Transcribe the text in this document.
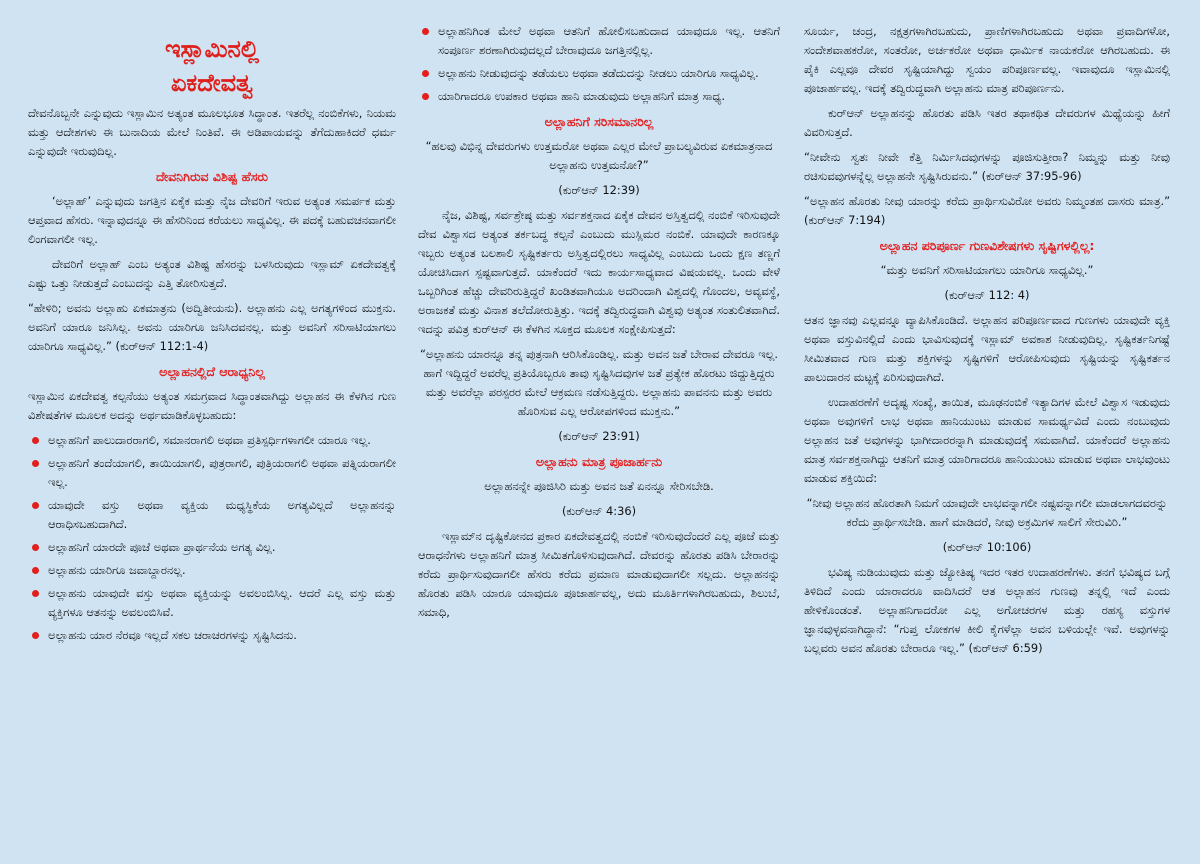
ಇಸ್ಲಾಮಿನಲ್ಲಿ
ಏಕದೇವತ್ವ

ದೇವನೊಬ್ಬನೇ ಎನ್ನುವುದು ಇಸ್ಲಾಮಿನ ಅತ್ಯಂತ ಮೂಲಭೂತ ಸಿದ್ಧಾಂತ. ಇತರೆಲ್ಲ ನಂಬಿಕೆಗಳು, ನಿಯಮ ಮತ್ತು ಆದೇಶಗಳು ಈ ಬುನಾದಿಯ ಮೇಲೆ ನಿಂತಿವೆ. ಈ ಅಡಿಪಾಯವನ್ನು ತೆಗೆದುಹಾಕಿದರೆ ಧರ್ಮ ಎನ್ನುವುದೇ ಇರುವುದಿಲ್ಲ.

ದೇವನಿಗಿರುವ ವಿಶಿಷ್ಟ ಹೆಸರು

‘ಅಲ್ಲಾಹ್’ ಎನ್ನುವುದು ಜಗತ್ತಿನ ಏಕೈಕ ಮತ್ತು ನೈಜ ದೇವರಿಗೆ ಇರುವ ಅತ್ಯಂತ ಸಮರ್ಪಕ ಮತ್ತು ಆಪ್ತವಾದ ಹೆಸರು. ಇನ್ನಾವುದನ್ನೂ ಈ ಹೆಸರಿನಿಂದ ಕರೆಯಲು ಸಾಧ್ಯವಿಲ್ಲ. ಈ ಪದಕ್ಕೆ ಬಹುವಚನವಾಗಲೀ ಲಿಂಗವಾಗಲೀ ಇಲ್ಲ.

ದೇವರಿಗೆ ಅಲ್ಲಾಹ್ ಎಂಬ ಅತ್ಯಂತ ವಿಶಿಷ್ಟ ಹೆಸರನ್ನು ಬಳಸಿರುವುದು ಇಸ್ಲಾಮ್ ಏಕದೇವತ್ವಕ್ಕೆ ಎಷ್ಟು ಒತ್ತು ನೀಡುತ್ತದೆ ಎಂಬುದನ್ನು ಎತ್ತಿ ತೋರಿಸುತ್ತದೆ.

“ಹೇಳಿರಿ; ಅವನು ಅಲ್ಲಾಹು ಏಕಮಾತ್ರನು (ಅದ್ವಿತೀಯನು). ಅಲ್ಲಾಹನು ಎಲ್ಲ ಅಗತ್ಯಗಳಿಂದ ಮುಕ್ತನು. ಅವನಿಗೆ ಯಾರೂ ಜನಿಸಿಲ್ಲ. ಅವನು ಯಾರಿಗೂ ಜನಿಸಿದವನಲ್ಲ. ಮತ್ತು ಅವನಿಗೆ ಸರಿಸಾಟಿಯಾಗಲು ಯಾರಿಗೂ ಸಾಧ್ಯವಿಲ್ಲ.” (ಕುರ್‌ಆನ್ 112:1-4)

ಅಲ್ಲಾಹನಲ್ಲಿದೆ ಆರಾಧ್ಯನಿಲ್ಲ

ಇಸ್ಲಾಮಿನ ಏಕದೇವತ್ವ ಕಲ್ಪನೆಯು ಅತ್ಯಂತ ಸಮಗ್ರವಾದ ಸಿದ್ಧಾಂತವಾಗಿದ್ದು ಅಲ್ಲಾಹನ ಈ ಕೆಳಗಿನ ಗುಣ ವಿಶೇಷತೆಗಳ ಮೂಲಕ ಅದನ್ನು ಅರ್ಥಮಾಡಿಕೊಳ್ಳಬಹುದು:

ಅಲ್ಲಾಹನಿಗೆ ಪಾಲುದಾರರಾಗಲಿ, ಸಮಾನರಾಗಲಿ ಅಥವಾ ಪ್ರತಿಸ್ಪರ್ಧಿಗಳಾಗಲೀ ಯಾರೂ ಇಲ್ಲ.
ಅಲ್ಲಾಹನಿಗೆ ತಂದೆಯಾಗಲಿ, ತಾಯಿಯಾಗಲಿ, ಪುತ್ರರಾಗಲಿ, ಪುತ್ರಿಯರಾಗಲಿ ಅಥವಾ ಪತ್ನಿಯರಾಗಲೀ ಇಲ್ಲ.
ಯಾವುದೇ ವಸ್ತು ಅಥವಾ ವ್ಯಕ್ತಿಯ ಮಧ್ಯಸ್ಥಿಕೆಯ ಅಗತ್ಯವಿಲ್ಲದೆ ಅಲ್ಲಾಹನನ್ನು ಆರಾಧಿಸಬಹುದಾಗಿದೆ.
ಅಲ್ಲಾಹನಿಗೆ ಯಾರದೇ ಪೂಜೆ ಅಥವಾ ಪ್ರಾರ್ಥನೆಯ ಅಗತ್ಯ ವಿಲ್ಲ.
ಅಲ್ಲಾಹನು ಯಾರಿಗೂ ಜವಾಬ್ದಾರನಲ್ಲ.
ಅಲ್ಲಾಹನು ಯಾವುದೇ ವಸ್ತು ಅಥವಾ ವ್ಯಕ್ತಿಯನ್ನು ಅವಲಂಬಿಸಿಲ್ಲ. ಆದರೆ ಎಲ್ಲ ವಸ್ತು ಮತ್ತು ವ್ಯಕ್ತಿಗಳೂ ಆತನನ್ನು ಅವಲಂಬಿಸಿವೆ.
ಅಲ್ಲಾಹನು ಯಾರ ನೆರವೂ ಇಲ್ಲದೆ ಸಕಲ ಚರಾಚರಗಳನ್ನು ಸೃಷ್ಟಿಸಿದನು.
ಅಲ್ಲಾಹನಿಗಿಂತ ಮೇಲೆ ಅಥವಾ ಆತನಿಗೆ ಹೋಲಿಸಬಹುದಾದ ಯಾವುದೂ ಇಲ್ಲ. ಆತನಿಗೆ ಸಂಪೂರ್ಣ ಶರಣಾಗಿರುವುದಲ್ಲದೆ ಬೇರಾವುದೂ ಜಗತ್ತಿನಲ್ಲಿಲ್ಲ.
ಅಲ್ಲಾಹನು ನೀಡುವುದನ್ನು ತಡೆಯಲು ಅಥವಾ ತಡೆದುದನ್ನು ನೀಡಲು ಯಾರಿಗೂ ಸಾಧ್ಯವಿಲ್ಲ.
ಯಾರಿಗಾದರೂ ಉಪಕಾರ ಅಥವಾ ಹಾನಿ ಮಾಡುವುದು ಅಲ್ಲಾಹನಿಗೆ ಮಾತ್ರ ಸಾಧ್ಯ.
ಅಲ್ಲಾಹನಿಗೆ ಸರಿಸಮಾನರಿಲ್ಲ
“ಹಲವು ವಿಭಿನ್ನ ದೇವರುಗಳು ಉತ್ತಮರೋ ಅಥವಾ ಎಲ್ಲರ ಮೇಲೆ ಪ್ರಾಬಲ್ಯವಿರುವ ಏಕಮಾತ್ರನಾದ ಅಲ್ಲಾಹನು ಉತ್ತಮನೋ?”
(ಕುರ್‌ಆನ್ 12:39)

ನೈಜ, ವಿಶಿಷ್ಟ, ಸರ್ವಶ್ರೇಷ್ಠ ಮತ್ತು ಸರ್ವಶಕ್ತನಾದ ಏಕೈಕ ದೇವನ ಅಸ್ತಿತ್ವದಲ್ಲಿ ನಂಬಿಕೆ ಇರಿಸುವುದೇ ದೇವ ವಿಶ್ವಾಸದ ಅತ್ಯಂತ ತರ್ಕಬದ್ಧ ಕಲ್ಪನೆ ಎಂಬುದು ಮುಸ್ಲಿಮರ ನಂಬಿಕೆ. ಯಾವುದೇ ಕಾರಣಕ್ಕೂ ಇಬ್ಬರು ಅತ್ಯಂತ ಬಲಶಾಲಿ ಸೃಷ್ಟಿಕರ್ತರು ಅಸ್ತಿತ್ವದಲ್ಲಿರಲು ಸಾಧ್ಯವಿಲ್ಲ ಎಂಬುದು ಒಂದು ಕ್ಷಣ ತಣ್ಣಗೆ ಯೋಚಿಸಿದಾಗ ಸ್ಪಷ್ಟವಾಗುತ್ತದೆ. ಯಾಕೆಂದರೆ ಇದು ಕಾರ್ಯಸಾಧ್ಯವಾದ ವಿಷಯವಲ್ಲ. ಒಂದು ವೇಳೆ ಒಬ್ಬರಿಗಿಂತ ಹೆಚ್ಚು ದೇವರಿರುತ್ತಿದ್ದರೆ ಖಂಡಿತವಾಗಿಯೂ ಅದರಿಂದಾಗಿ ವಿಶ್ವದಲ್ಲಿ ಗೊಂದಲ, ಅವ್ಯವಸ್ಥೆ, ಅರಾಜಕತೆ ಮತ್ತು ವಿನಾಶ ತಲೆದೋರುತ್ತಿತ್ತು. ಇದಕ್ಕೆ ತದ್ವಿರುದ್ಧವಾಗಿ ವಿಶ್ವವು ಅತ್ಯಂತ ಸಂತುಲಿತವಾಗಿದೆ. ಇದನ್ನು ಪವಿತ್ರ ಕುರ್‌ಆನ್ ಈ ಕೆಳಗಿನ ಸೂಕ್ತದ ಮೂಲಕ ಸಂಕ್ಷೇಪಿಸುತ್ತದೆ:

“ಅಲ್ಲಾಹನು ಯಾರನ್ನೂ ತನ್ನ ಪುತ್ರನಾಗಿ ಆರಿಸಿಕೊಂಡಿಲ್ಲ. ಮತ್ತು ಅವನ ಜತೆ ಬೇರಾವ ದೇವರೂ ಇಲ್ಲ. ಹಾಗೆ ಇದ್ದಿದ್ದರೆ ಅವರೆಲ್ಲ ಪ್ರತಿಯೊಬ್ಬರೂ ತಾವು ಸೃಷ್ಟಿಸಿದವುಗಳ ಜತೆ ಪ್ರತ್ಯೇಕ ಹೊರಟು ಜಿದ್ದುತ್ತಿದ್ದರು ಮತ್ತು ಅವರೆಲ್ಲಾ ಪರಸ್ಪರರ ಮೇಲೆ ಆಕ್ರಮಣ ನಡೆಸುತ್ತಿದ್ದರು. ಅಲ್ಲಾಹನು ಪಾವನನು ಮತ್ತು ಅವರು ಹೊರಿಸುವ ಎಲ್ಲ ಆರೋಪಗಳಿಂದ ಮುಕ್ತನು.”
(ಕುರ್‌ಆನ್ 23:91)
ಅಲ್ಲಾಹನು ಮಾತ್ರ ಪೂಜಾರ್ಹನು
ಅಲ್ಲಾಹನನ್ನೇ ಪೂಜಿಸಿರಿ ಮತ್ತು ಅವನ ಜತೆ ಏನನ್ನೂ ಸೇರಿಸಬೇಡಿ.
(ಕುರ್‌ಆನ್ 4:36)

ಇಸ್ಲಾಮ್‌ನ ದೃಷ್ಟಿಕೋನದ ಪ್ರಕಾರ ಏಕದೇವತ್ವದಲ್ಲಿ ನಂಬಿಕೆ ಇರಿಸುವುದೆಂದರೆ ಎಲ್ಲ ಪೂಜೆ ಮತ್ತು ಆರಾಧನೆಗಳು ಅಲ್ಲಾಹನಿಗೆ ಮಾತ್ರ ಸೀಮಿತಗೊಳಿಸುವುದಾಗಿದೆ. ದೇವರನ್ನು ಹೊರತು ಪಡಿಸಿ ಬೇರಾರನ್ನು ಕರೆದು ಪ್ರಾರ್ಥಿಸುವುದಾಗಲೀ ಹೆಸರು ಕರೆದು ಪ್ರಮಾಣ ಮಾಡುವುದಾಗಲೀ ಸಲ್ಲದು. ಅಲ್ಲಾಹನನ್ನು ಹೊರತು ಪಡಿಸಿ ಯಾರೂ ಯಾವುದೂ ಪೂಜಾರ್ಹವಲ್ಲ, ಅದು ಮೂರ್ತಿಗಳಾಗಿರಬಹುದು, ಶಿಲುಬೆ, ಸಮಾಧಿ,

ಸೂರ್ಯ, ಚಂದ್ರ, ನಕ್ಷತ್ರಗಳಾಗಿರಬಹುದು, ಪ್ರಾಣಿಗಳಾಗಿರಬಹುದು ಅಥವಾ ಪ್ರವಾದಿಗಳೋ, ಸಂದೇಶವಾಹಕರೋ, ಸಂತರೋ, ಅರ್ಚಕರೋ ಅಥವಾ ಧಾರ್ಮಿಕ ನಾಯಕರೋ ಆಗಿರಬಹುದು. ಈ ಪೈಕಿ ಎಲ್ಲವೂ ದೇವರ ಸೃಷ್ಟಿಯಾಗಿದ್ದು ಸ್ವಯಂ ಪರಿಪೂರ್ಣವಲ್ಲ. ಇವಾವುದೂ ಇಸ್ಲಾಮಿನಲ್ಲಿ ಪೂಜಾರ್ಹವಲ್ಲ. ಇದಕ್ಕೆ ತದ್ವಿರುದ್ಧವಾಗಿ ಅಲ್ಲಾಹನು ಮಾತ್ರ ಪರಿಪೂರ್ಣನು.

ಕುರ್‌ಆನ್ ಅಲ್ಲಾಹನನ್ನು ಹೊರತು ಪಡಿಸಿ ಇತರ ತಥಾಕಥಿತ ದೇವರುಗಳ ಮಿಥ್ಯೆಯನ್ನು ಹೀಗೆ ವಿವರಿಸುತ್ತದೆ.

“ನೀವೇನು ಸ್ವತಃ ನೀವೇ ಕೆತ್ತಿ ನಿರ್ಮಿಸಿದವುಗಳನ್ನು ಪೂಜಿಸುತ್ತೀರಾ? ನಿಮ್ಮನ್ನು ಮತ್ತು ನೀವು ರಚಿಸುವವುಗಳನ್ನೆಲ್ಲ ಅಲ್ಲಾಹನೇ ಸೃಷ್ಟಿಸಿರುವನು.” (ಕುರ್‌ಆನ್ 37:95-96)

“ಅಲ್ಲಾಹನ ಹೊರತು ನೀವು ಯಾರನ್ನು ಕರೆದು ಪ್ರಾರ್ಥಿಸುವಿರೋ ಅವರು ನಿಮ್ಮಂತಹ ದಾಸರು ಮಾತ್ರ.” (ಕುರ್‌ಆನ್ 7:194)

ಅಲ್ಲಾಹನ ಪರಿಪೂರ್ಣ ಗುಣವಿಶೇಷಗಳು ಸೃಷ್ಟಿಗಳಲ್ಲಿಲ್ಲ:
“ಮತ್ತು ಅವನಿಗೆ ಸರಿಸಾಟಿಯಾಗಲು ಯಾರಿಗೂ ಸಾಧ್ಯವಿಲ್ಲ.”
(ಕುರ್‌ಆನ್ 112: 4)

ಆತನ ಜ್ಞಾನವು ಎಲ್ಲವನ್ನೂ ವ್ಯಾಪಿಸಿಕೊಂಡಿದೆ. ಅಲ್ಲಾಹನ ಪರಿಪೂರ್ಣವಾದ ಗುಣಗಳು ಯಾವುದೇ ವ್ಯಕ್ತಿ ಅಥವಾ ವಸ್ತುವಿನಲ್ಲಿದೆ ಎಂದು ಭಾವಿಸುವುದಕ್ಕೆ ಇಸ್ಲಾಮ್ ಅವಕಾಶ ನೀಡುವುದಿಲ್ಲ. ಸೃಷ್ಟಿಕರ್ತನಿಗಷ್ಟೆ ಸೀಮಿತವಾದ ಗುಣ ಮತ್ತು ಶಕ್ತಿಗಳನ್ನು ಸೃಷ್ಟಿಗಳಿಗೆ ಆರೋಪಿಸುವುದು ಸೃಷ್ಟಿಯನ್ನು ಸೃಷ್ಟಿಕರ್ತನ ಪಾಲುದಾರನ ಮಟ್ಟಕ್ಕೆ ಏರಿಸುವುದಾಗಿದೆ.

ಉದಾಹರಣೆಗೆ ಅದೃಷ್ಟ ಸಂಖ್ಯೆ, ತಾಯಿತ, ಮೂಢನಂಬಿಕೆ ಇತ್ಯಾದಿಗಳ ಮೇಲೆ ವಿಶ್ವಾಸ ಇಡುವುದು ಅಥವಾ ಅವುಗಳಿಗೆ ಲಾಭ ಅಥವಾ ಹಾನಿಯುಂಟು ಮಾಡುವ ಸಾಮರ್ಥ್ಯವಿದೆ ಎಂದು ನಂಬುವುದು ಅಲ್ಲಾಹನ ಜತೆ ಅವುಗಳನ್ನು ಭಾಗೀದಾರರನ್ನಾಗಿ ಮಾಡುವುದಕ್ಕೆ ಸಮವಾಗಿದೆ. ಯಾಕೆಂದರೆ ಅಲ್ಲಾಹನು ಮಾತ್ರ ಸರ್ವಶಕ್ತನಾಗಿದ್ದು ಆತನಿಗೆ ಮಾತ್ರ ಯಾರಿಗಾದರೂ ಹಾನಿಯುಂಟು ಮಾಡುವ ಅಥವಾ ಲಾಭವುಂಟು ಮಾಡುವ ಶಕ್ತಿಯಿದೆ:

“ನೀವು ಅಲ್ಲಾಹನ ಹೊರತಾಗಿ ನಿಮಗೆ ಯಾವುದೇ ಲಾಭವನ್ನಾಗಲೀ ನಷ್ಟವನ್ನಾಗಲೀ ಮಾಡಲಾಗದವರನ್ನು ಕರೆದು ಪ್ರಾರ್ಥಿಸಬೇಡಿ. ಹಾಗೆ ಮಾಡಿದರೆ, ನೀವು ಅಕ್ರಮಿಗಳ ಸಾಲಿಗೆ ಸೇರುವಿರಿ.”
(ಕುರ್‌ಆನ್ 10:106)

ಭವಿಷ್ಯ ನುಡಿಯುವುದು ಮತ್ತು ಜ್ಯೋತಿಷ್ಯ ಇದರ ಇತರ ಉದಾಹರಣೆಗಳು. ತನಗೆ ಭವಿಷ್ಯದ ಬಗ್ಗೆ ತಿಳಿದಿದೆ ಎಂದು ಯಾರಾದರೂ ವಾದಿಸಿದರೆ ಆತ ಅಲ್ಲಾಹನ ಗುಣವು ತನ್ನಲ್ಲಿ ಇದೆ ಎಂದು ಹೇಳಿಕೊಂಡಂತೆ. ಅಲ್ಲಾಹನಿಗಾದರೋ ಎಲ್ಲ ಅಗೋಚರಗಳ ಮತ್ತು ರಹಸ್ಯ ವಸ್ತುಗಳ ಜ್ಞಾನವುಳ್ಳವನಾಗಿದ್ದಾನೆ: “ಗುಪ್ತ ಲೋಕಗಳ ಕೀಲಿ ಕೈಗಳೆಲ್ಲಾ ಅವನ ಬಳಿಯಲ್ಲೇ ಇವೆ. ಅವುಗಳನ್ನು ಬಲ್ಲವರು ಅವನ ಹೊರತು ಬೇರಾರೂ ಇಲ್ಲ.” (ಕುರ್‌ಆನ್ 6:59)
